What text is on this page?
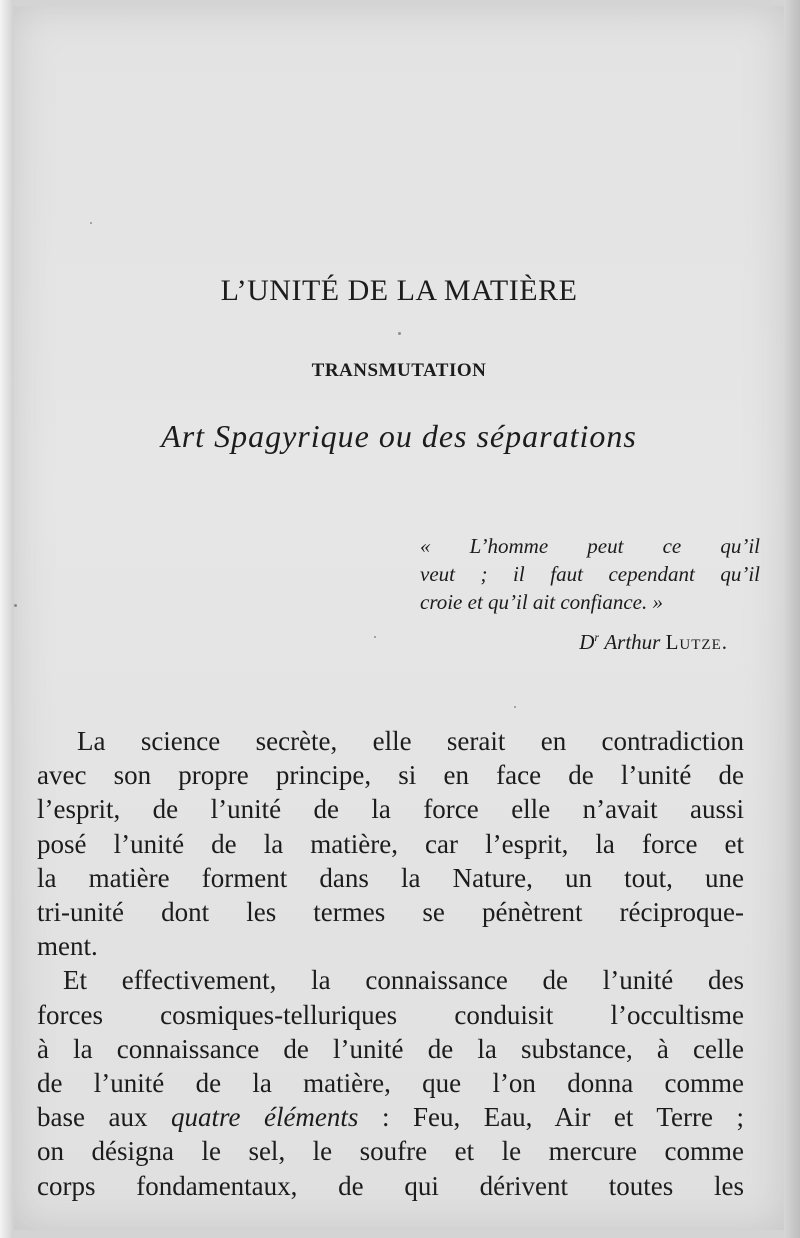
L’UNITÉ DE LA MATIÈRE
TRANSMUTATION
Art Spagyrique ou des séparations
« L’homme peut ce qu’il
veut ; il faut cependant qu’il
croie et qu’il ait confiance. »
$D^r$ Arthur Lutze.
La science secrète, elle serait en contradiction
avec son propre principe, si en face de l’unité de
l’esprit, de l’unité de la force elle n’avait aussi
posé l’unité de la matière, car l’esprit, la force et
la matière forment dans la Nature, un tout, une
tri-unité dont les termes se pénètrent réciproque-
ment.
Et effectivement, la connaissance de l’unité des
forces cosmiques-telluriques conduisit l’occultisme
à la connaissance de l’unité de la substance, à celle
de l’unité de la matière, que l’on donna comme
base aux quatre éléments : Feu, Eau, Air et Terre ;
on désigna le sel, le soufre et le mercure comme
corps fondamentaux, de qui dérivent toutes les
